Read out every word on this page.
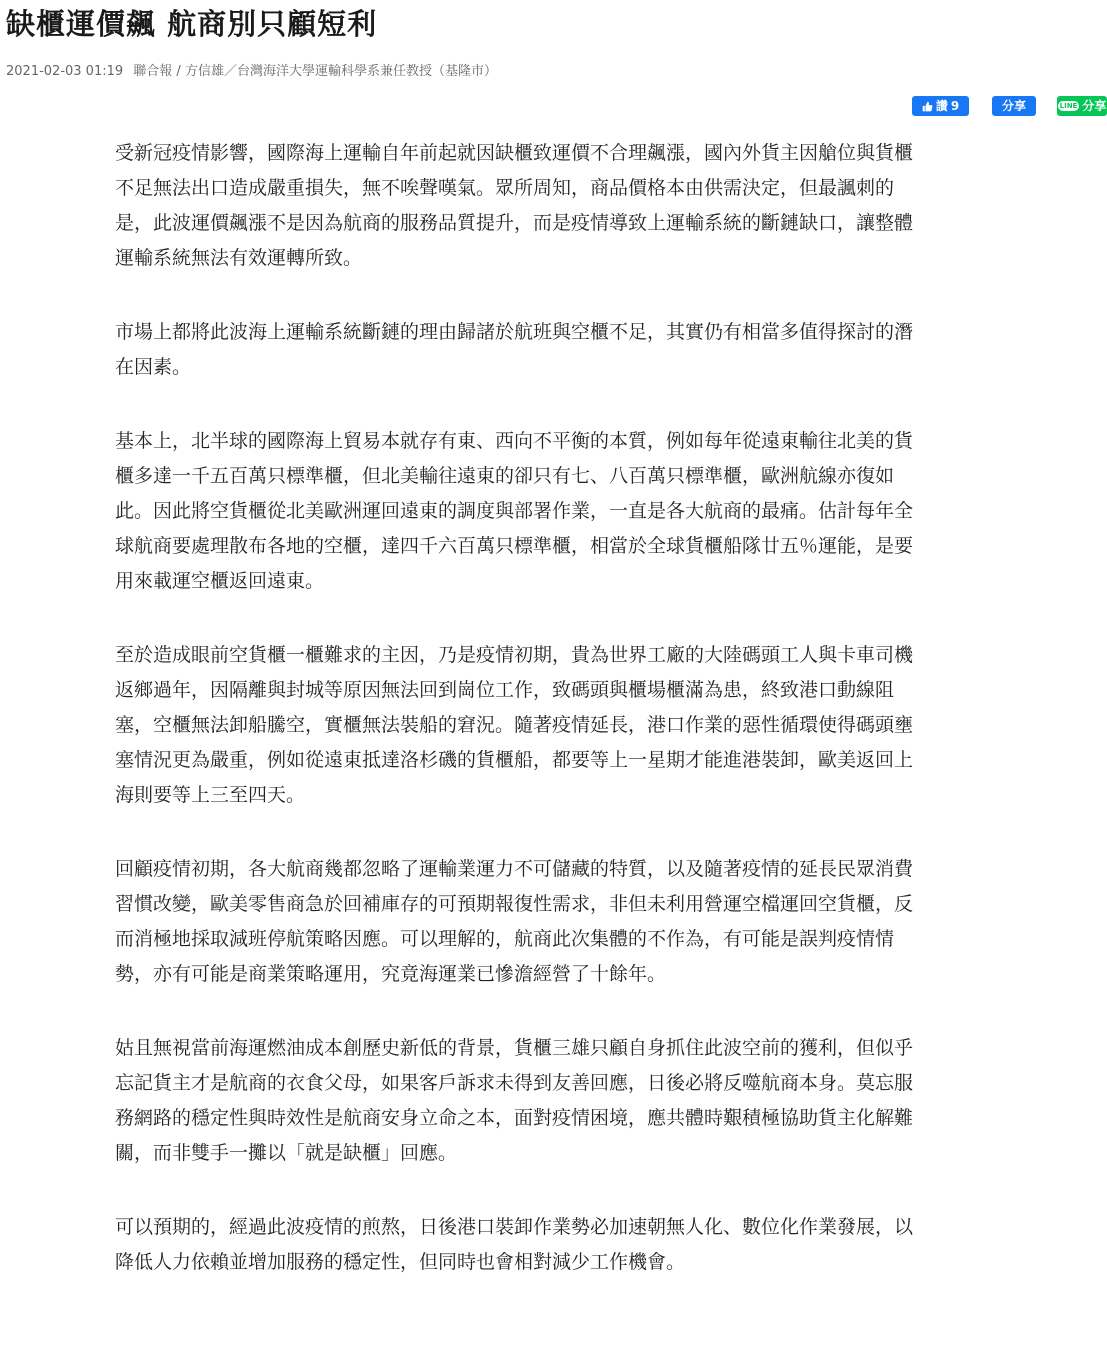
缺櫃運價飆 航商別只顧短利
2021-02-03 01:19 聯合報 / 方信雄／台灣海洋大學運輸科學系兼任教授（基隆市）
讚 9	分享	LINE 分享

受新冠疫情影響，國際海上運輸自年前起就因缺櫃致運價不合理飆漲，國內外貨主因艙位與貨櫃不足無法出口造成嚴重損失，無不唉聲嘆氣。眾所周知，商品價格本由供需決定，但最諷刺的是，此波運價飆漲不是因為航商的服務品質提升，而是疫情導致上運輸系統的斷鏈缺口，讓整體運輸系統無法有效運轉所致。

市場上都將此波海上運輸系統斷鏈的理由歸諸於航班與空櫃不足，其實仍有相當多值得探討的潛在因素。

基本上，北半球的國際海上貿易本就存有東、西向不平衡的本質，例如每年從遠東輸往北美的貨櫃多達一千五百萬只標準櫃，但北美輸往遠東的卻只有七、八百萬只標準櫃，歐洲航線亦復如此。因此將空貨櫃從北美歐洲運回遠東的調度與部署作業，一直是各大航商的最痛。估計每年全球航商要處理散布各地的空櫃，達四千六百萬只標準櫃，相當於全球貨櫃船隊廿五％運能，是要用來載運空櫃返回遠東。

至於造成眼前空貨櫃一櫃難求的主因，乃是疫情初期，貴為世界工廠的大陸碼頭工人與卡車司機返鄉過年，因隔離與封城等原因無法回到崗位工作，致碼頭與櫃場櫃滿為患，終致港口動線阻塞，空櫃無法卸船騰空，實櫃無法裝船的窘況。隨著疫情延長，港口作業的惡性循環使得碼頭壅塞情況更為嚴重，例如從遠東抵達洛杉磯的貨櫃船，都要等上一星期才能進港裝卸，歐美返回上海則要等上三至四天。

回顧疫情初期，各大航商幾都忽略了運輸業運力不可儲藏的特質，以及隨著疫情的延長民眾消費習慣改變，歐美零售商急於回補庫存的可預期報復性需求，非但未利用營運空檔運回空貨櫃，反而消極地採取減班停航策略因應。可以理解的，航商此次集體的不作為，有可能是誤判疫情情勢，亦有可能是商業策略運用，究竟海運業已慘澹經營了十餘年。

姑且無視當前海運燃油成本創歷史新低的背景，貨櫃三雄只顧自身抓住此波空前的獲利，但似乎忘記貨主才是航商的衣食父母，如果客戶訴求未得到友善回應，日後必將反噬航商本身。莫忘服務網路的穩定性與時效性是航商安身立命之本，面對疫情困境，應共體時艱積極協助貨主化解難關，而非雙手一攤以「就是缺櫃」回應。

可以預期的，經過此波疫情的煎熬，日後港口裝卸作業勢必加速朝無人化、數位化作業發展，以降低人力依賴並增加服務的穩定性，但同時也會相對減少工作機會。
